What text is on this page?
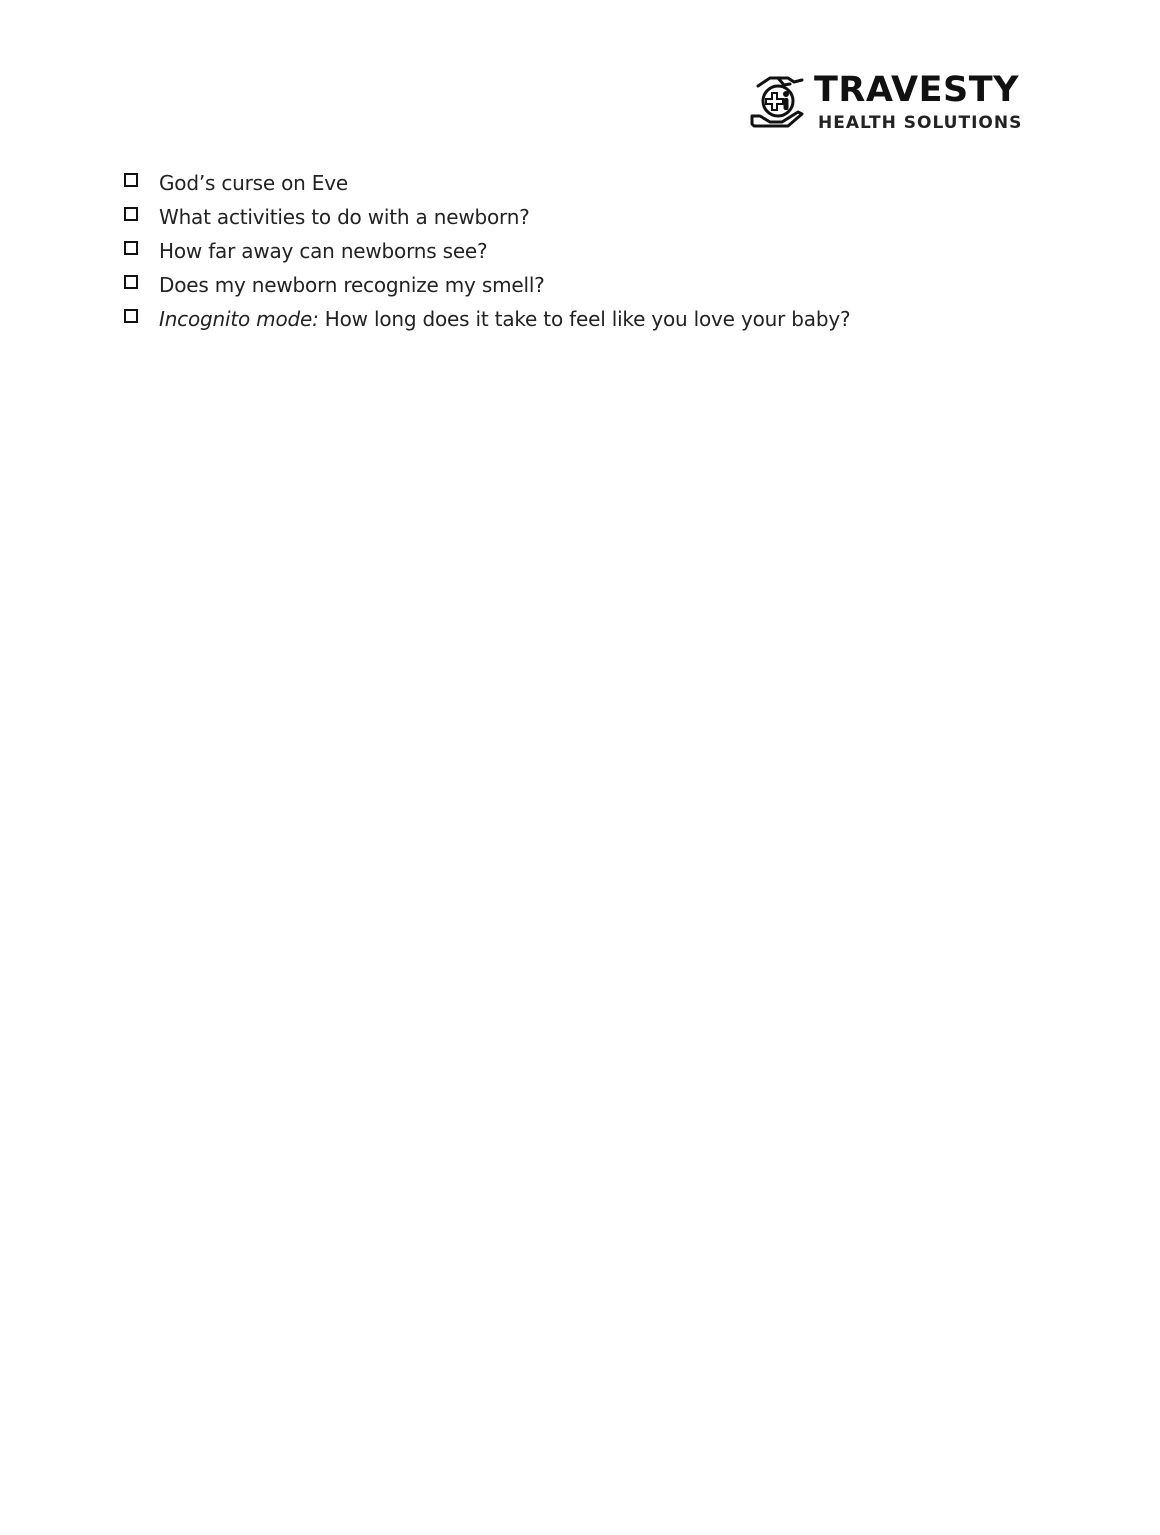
TRAVESTY
HEALTH SOLUTIONS
God’s curse on Eve
What activities to do with a newborn?
How far away can newborns see?
Does my newborn recognize my smell?
Incognito mode: How long does it take to feel like you love your baby?
